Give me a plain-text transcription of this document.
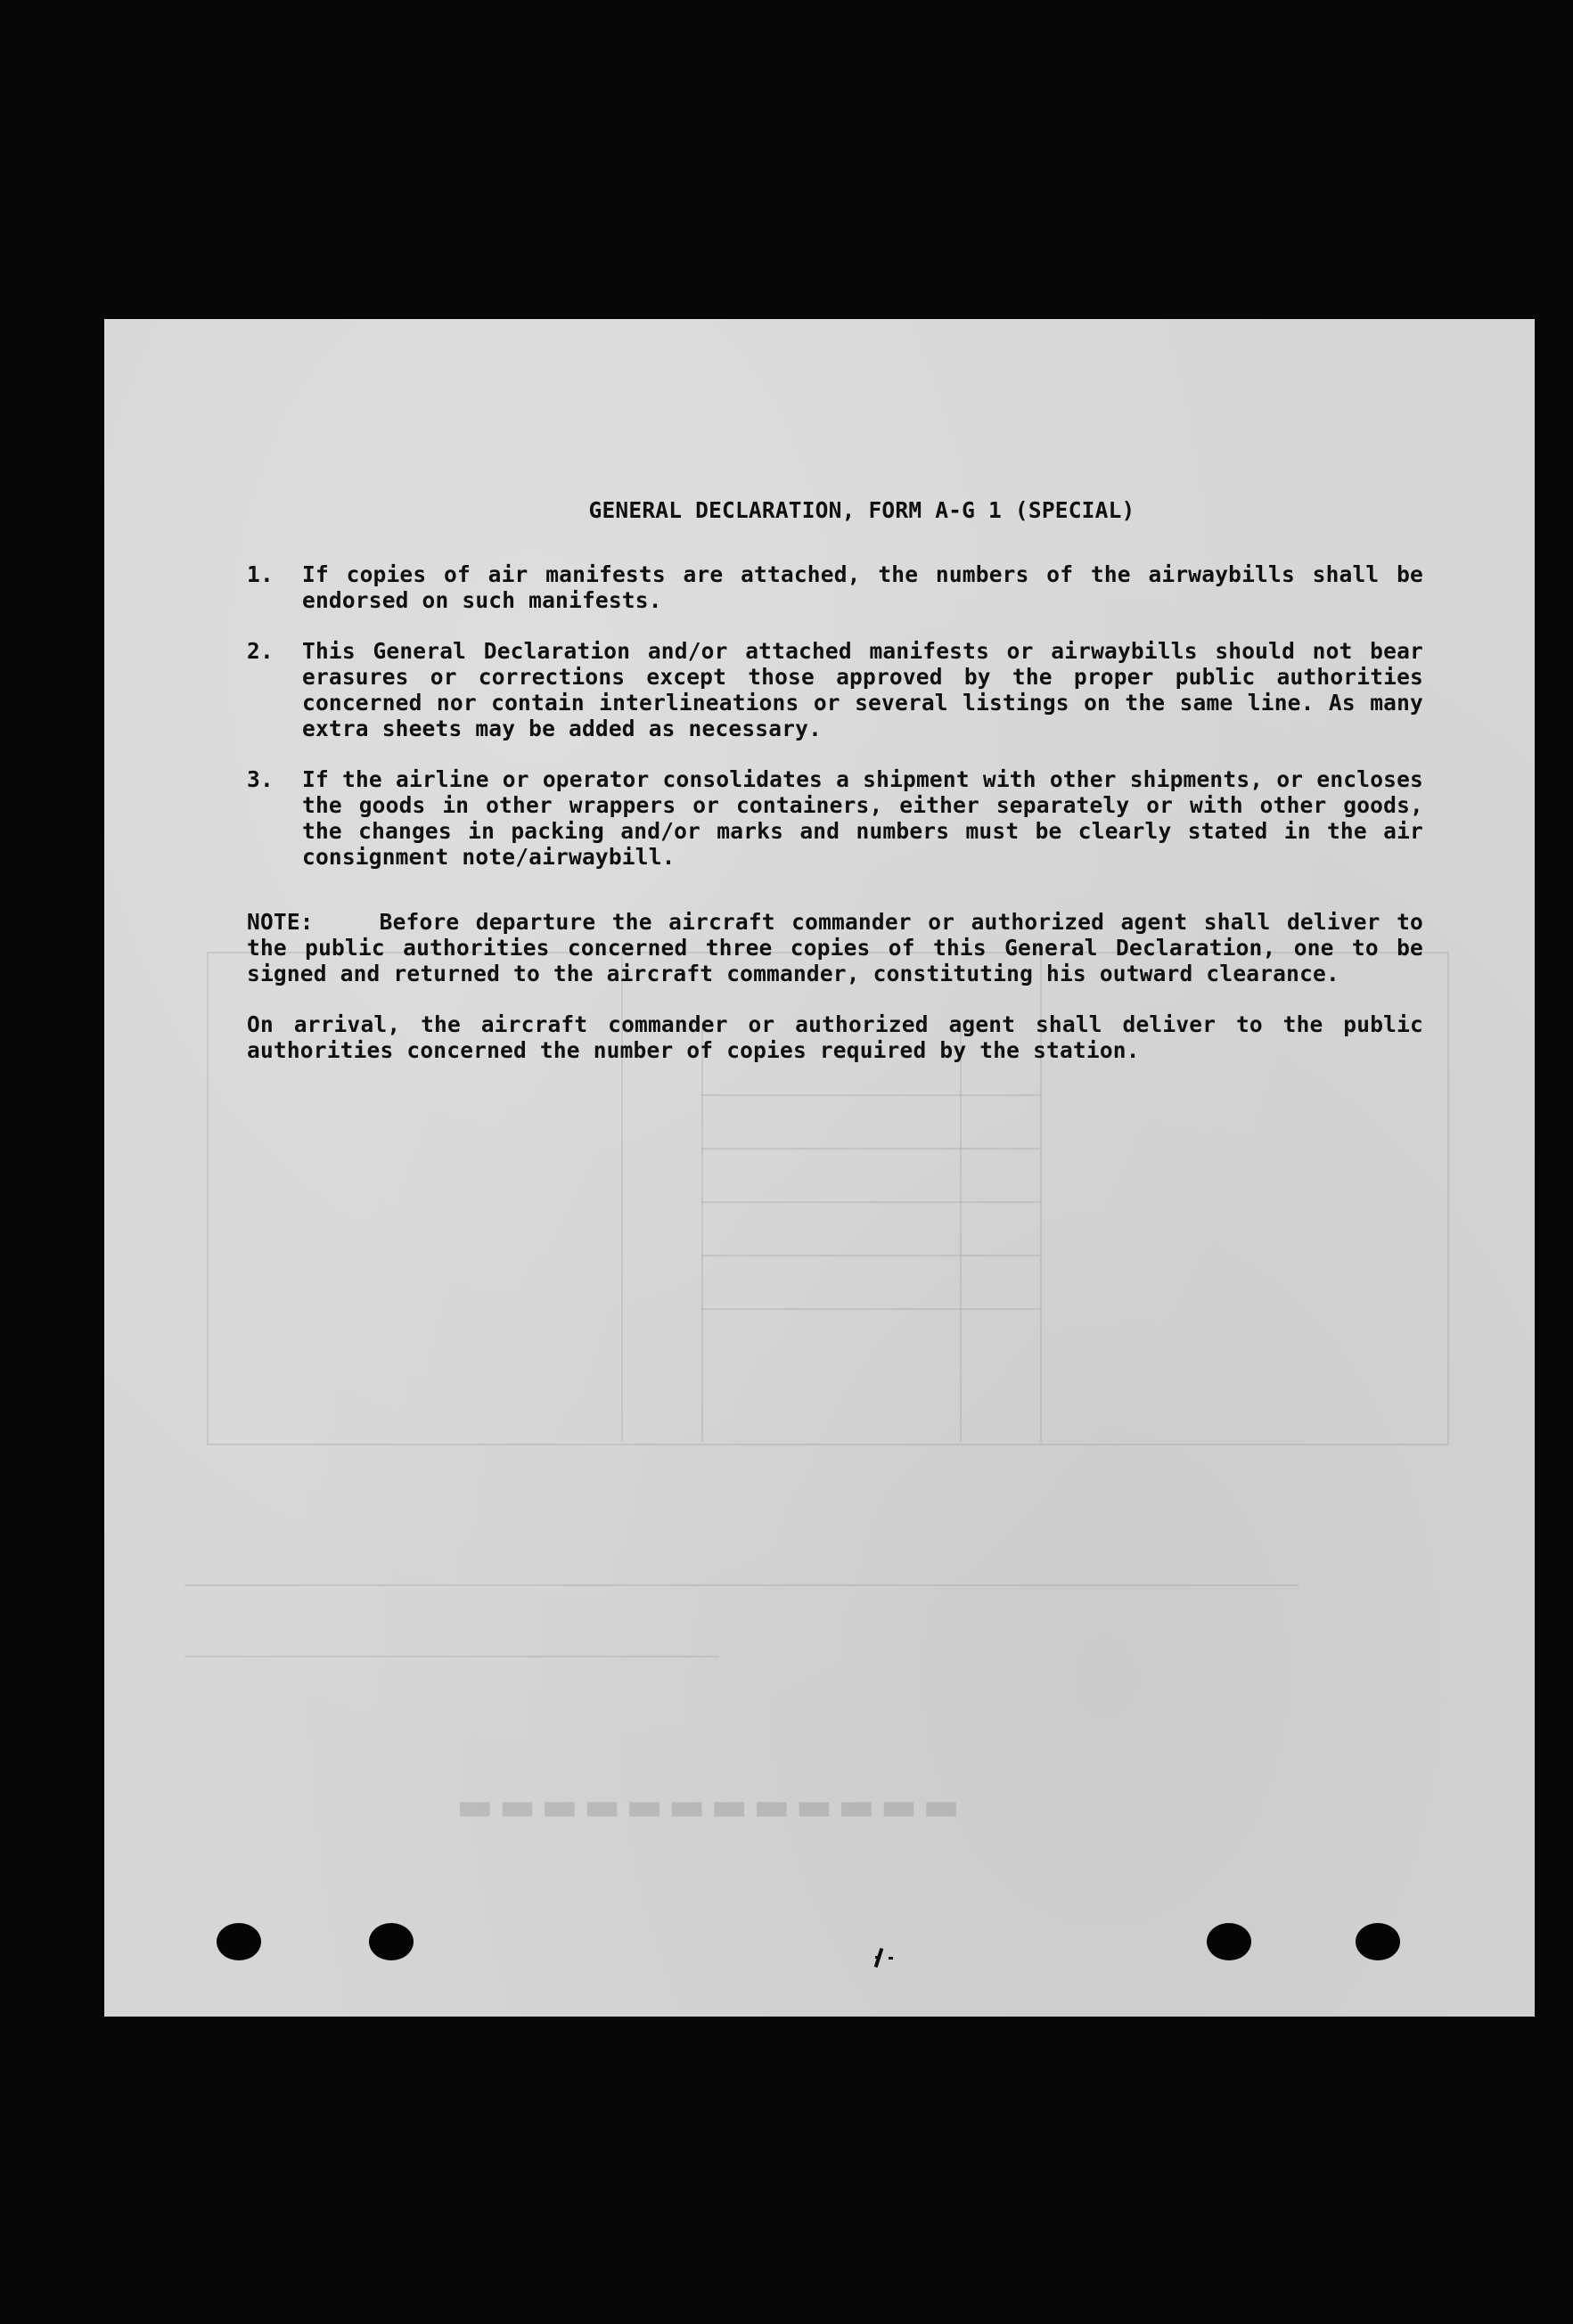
▬▬▬▬▬▬▬▬▬▬▬▬
GENERAL DECLARATION, FORM A-G 1 (SPECIAL)
1.	If copies of air manifests are attached, the numbers of the airwaybills shall be endorsed on such manifests.
2.	This General Declaration and/or attached manifests or airwaybills should not bear erasures or corrections except those approved by the proper public authorities concerned nor contain interlineations or several listings on the same line. As many extra sheets may be added as necessary.
3.	If the airline or operator consolidates a shipment with other shipments, or encloses the goods in other wrappers or containers, either separately or with other goods, the changes in packing and/or marks and numbers must be clearly stated in the air consignment note/airwaybill.
NOTE:    Before departure the aircraft commander or authorized agent shall deliver to the public authorities concerned three copies of this General Declaration, one to be signed and returned to the aircraft commander, constituting his outward clearance.
On arrival, the aircraft commander or authorized agent shall deliver to the public authorities concerned the number of copies required by the station.
